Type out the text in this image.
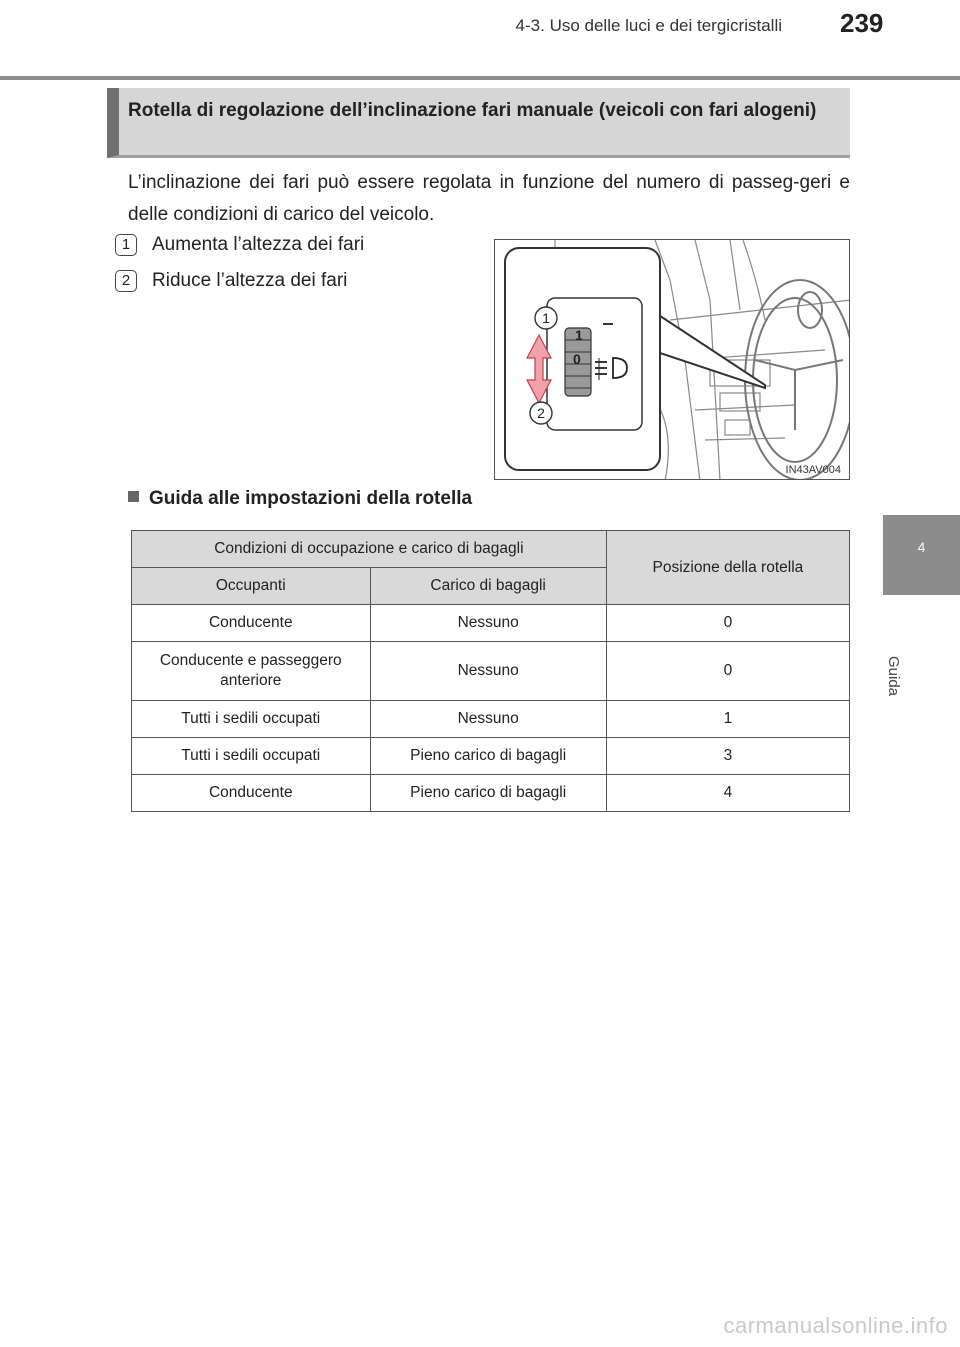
4-3. Uso delle luci e dei tergicristalli 239
4
Guida
Rotella di regolazione dell’inclinazione fari manuale (veicoli con fari alogeni)
L’inclinazione dei fari può essere regolata in funzione del numero di passeg-geri e delle condizioni di carico del veicolo.
1	Aumenta l’altezza dei fari
2	Riduce l’altezza dei fari
1
0
1
2
IN43AV004
Guida alle impostazioni della rotella
Condizioni di occupazione e carico di bagagli		Posizione della rotella
Occupanti	Carico di bagagli	
Conducente	Nessuno	0
Conducente e passeggero anteriore	Nessuno	0
Tutti i sedili occupati	Nessuno	1
Tutti i sedili occupati	Pieno carico di bagagli	3
Conducente	Pieno carico di bagagli	4
carmanualsonline.info
